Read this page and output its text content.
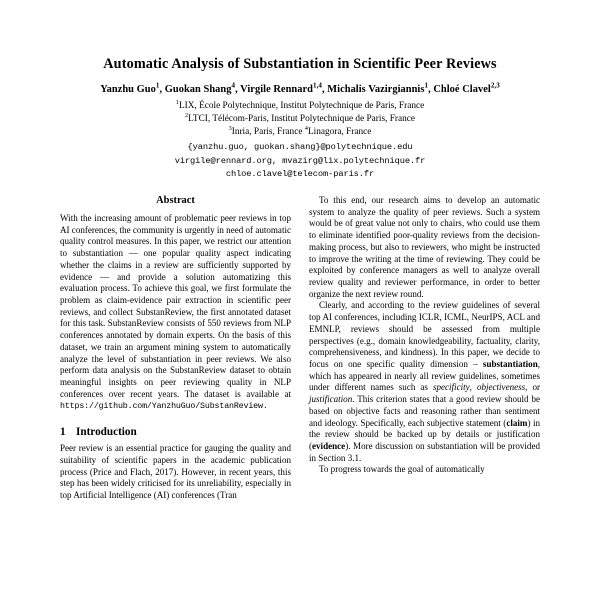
Automatic Analysis of Substantiation in Scientific Peer Reviews

Yanzhu Guo$^1$, Guokan Shang$^4$, Virgile Rennard$^{1,4}$, Michalis Vazirgiannis$^1$, Chloé Clavel$^{2,3}$

$^1$LIX, École Polytechnique, Institut Polytechnique de Paris, France

$^2$LTCI, Télécom-Paris, Institut Polytechnique de Paris, France

$^3$Inria, Paris, France $^4$Linagora, France

{yanzhu.guo, guokan.shang}@polytechnique.edu

virgile@rennard.org, mvazirg@lix.polytechnique.fr

chloe.clavel@telecom-paris.fr

Abstract

With the increasing amount of problematic peer reviews in top AI conferences, the community is urgently in need of automatic quality control measures. In this paper, we restrict our attention to substantiation — one popular quality aspect indicating whether the claims in a review are sufficiently supported by evidence — and provide a solution automatizing this evaluation process. To achieve this goal, we first formulate the problem as claim-evidence pair extraction in scientific peer reviews, and collect SubstanReview, the first annotated dataset for this task. SubstanReview consists of 550 reviews from NLP conferences annotated by domain experts. On the basis of this dataset, we train an argument mining system to automatically analyze the level of substantiation in peer reviews. We also perform data analysis on the SubstanReview dataset to obtain meaningful insights on peer reviewing quality in NLP conferences over recent years. The dataset is available at https://github.com/YanzhuGuo/SubstanReview.

1 Introduction

Peer review is an essential practice for gauging the quality and suitability of scientific papers in the academic publication process (Price and Flach, 2017). However, in recent years, this step has been widely criticised for its unreliability, especially in top Artificial Intelligence (AI) conferences (Tran

To this end, our research aims to develop an automatic system to analyze the quality of peer reviews. Such a system would be of great value not only to chairs, who could use them to eliminate identified poor-quality reviews from the decision-making process, but also to reviewers, who might be instructed to improve the writing at the time of reviewing. They could be exploited by conference managers as well to analyze overall review quality and reviewer performance, in order to better organize the next review round.

Clearly, and according to the review guidelines of several top AI conferences, including ICLR, ICML, NeurIPS, ACL and EMNLP, reviews should be assessed from multiple perspectives (e.g., domain knowledgeability, factuality, clarity, comprehensiveness, and kindness). In this paper, we decide to focus on one specific quality dimension – substantiation, which has appeared in nearly all review guidelines, sometimes under different names such as specificity, objectiveness, or justification. This criterion states that a good review should be based on objective facts and reasoning rather than sentiment and ideology. Specifically, each subjective statement (claim) in the review should be backed up by details or justification (evidence). More discussion on substantiation will be provided in Section 3.1.

To progress towards the goal of automatically
